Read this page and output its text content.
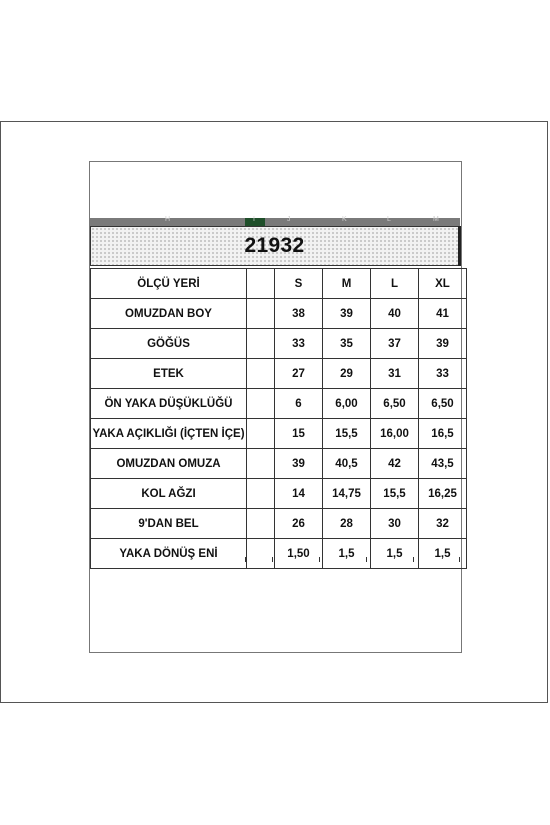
H	I	J	K	L	M
21932
ÖLÇÜ YERİ		S	M	L	XL
OMUZDAN BOY		38	39	40	41
GÖĞÜS		33	35	37	39
ETEK		27	29	31	33
ÖN YAKA DÜŞÜKLÜĞÜ		6	6,00	6,50	6,50
YAKA AÇIKLIĞI (İÇTEN İÇE)		15	15,5	16,00	16,5
OMUZDAN OMUZA		39	40,5	42	43,5
KOL AĞZI		14	14,75	15,5	16,25
9'DAN BEL		26	28	30	32
YAKA DÖNÜŞ ENİ		1,50	1,5	1,5	1,5
